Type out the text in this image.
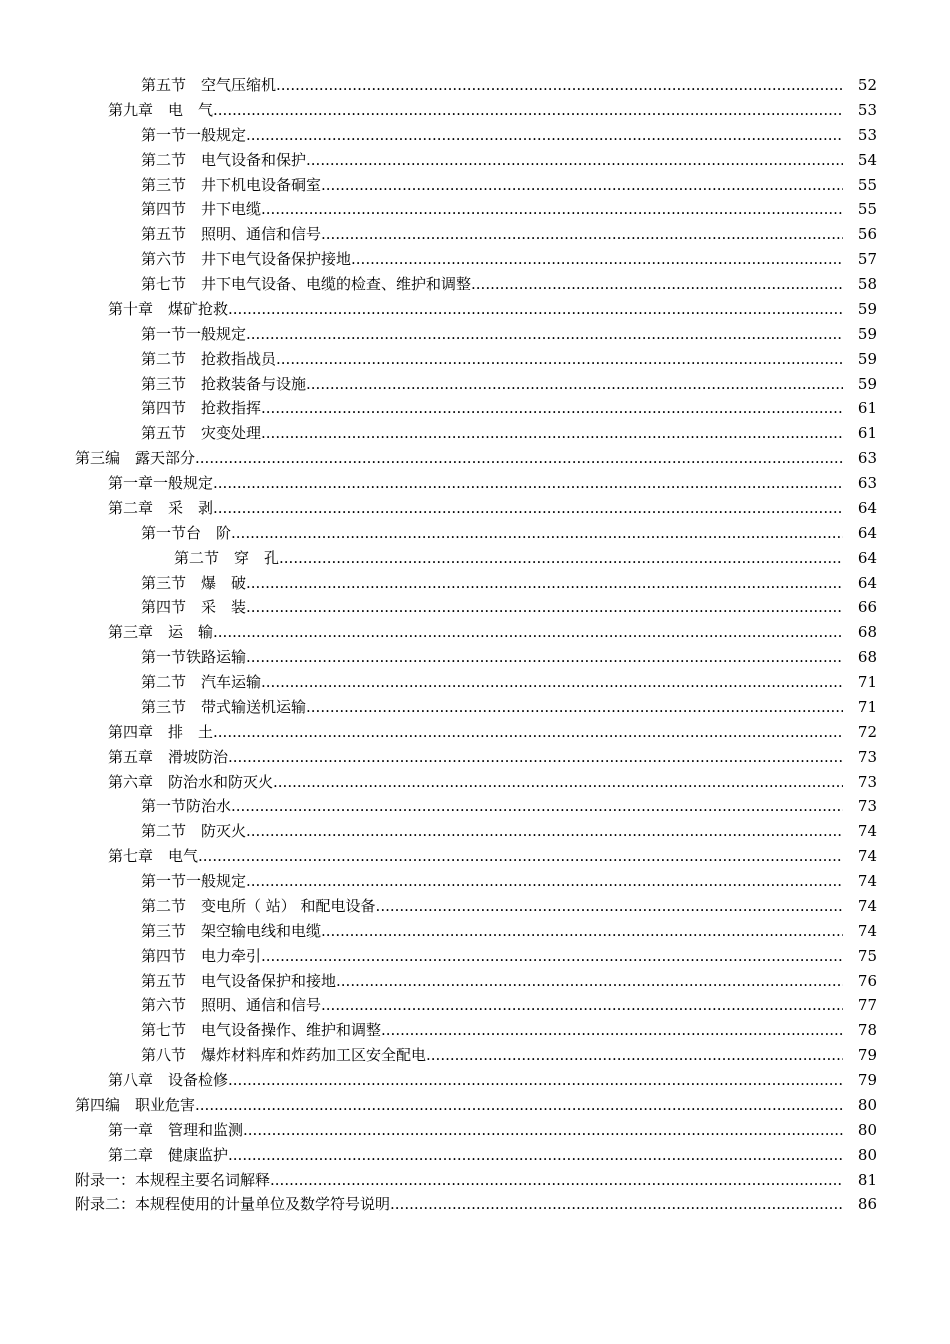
第五节　空气压缩机 .....	52
第九章　电　气 .....	53
第一节一般规定 .....	53
第二节　电气设备和保护 .....	54
第三节　井下机电设备硐室 .....	55
第四节　井下电缆 .....	55
第五节　照明、通信和信号 .....	56
第六节　井下电气设备保护接地 .....	57
第七节　井下电气设备、电缆的检查、维护和调整 .....	58
第十章　煤矿抢救 .....	59
第一节一般规定 .....	59
第二节　抢救指战员 .....	59
第三节　抢救装备与设施 .....	59
第四节　抢救指挥 .....	61
第五节　灾变处理 .....	61
第三编　露天部分 .....	63
第一章一般规定 .....	63
第二章　采　剥 .....	64
第一节台　阶 .....	64
第二节　穿　孔 .....	64
第三节　爆　破 .....	64
第四节　采　装 .....	66
第三章　运　输 .....	68
第一节铁路运输 .....	68
第二节　汽车运输 .....	71
第三节　带式输送机运输 .....	71
第四章　排　土 .....	72
第五章　滑坡防治 .....	73
第六章　防治水和防灭火 .....	73
第一节防治水 .....	73
第二节　防灭火 .....	74
第七章　电气 .....	74
第一节一般规定 .....	74
第二节　变电所（ 站） 和配电设备 .....	74
第三节　架空输电线和电缆 .....	74
第四节　电力牵引 .....	75
第五节　电气设备保护和接地 .....	76
第六节　照明、通信和信号 .....	77
第七节　电气设备操作、维护和调整 .....	78
第八节　爆炸材料库和炸药加工区安全配电 .....	79
第八章　设备检修 .....	79
第四编　职业危害 .....	80
第一章　管理和监测 .....	80
第二章　健康监护 .....	80
附录一：本规程主要名词解释 .....	81
附录二：本规程使用的计量单位及数学符号说明 .....	86
